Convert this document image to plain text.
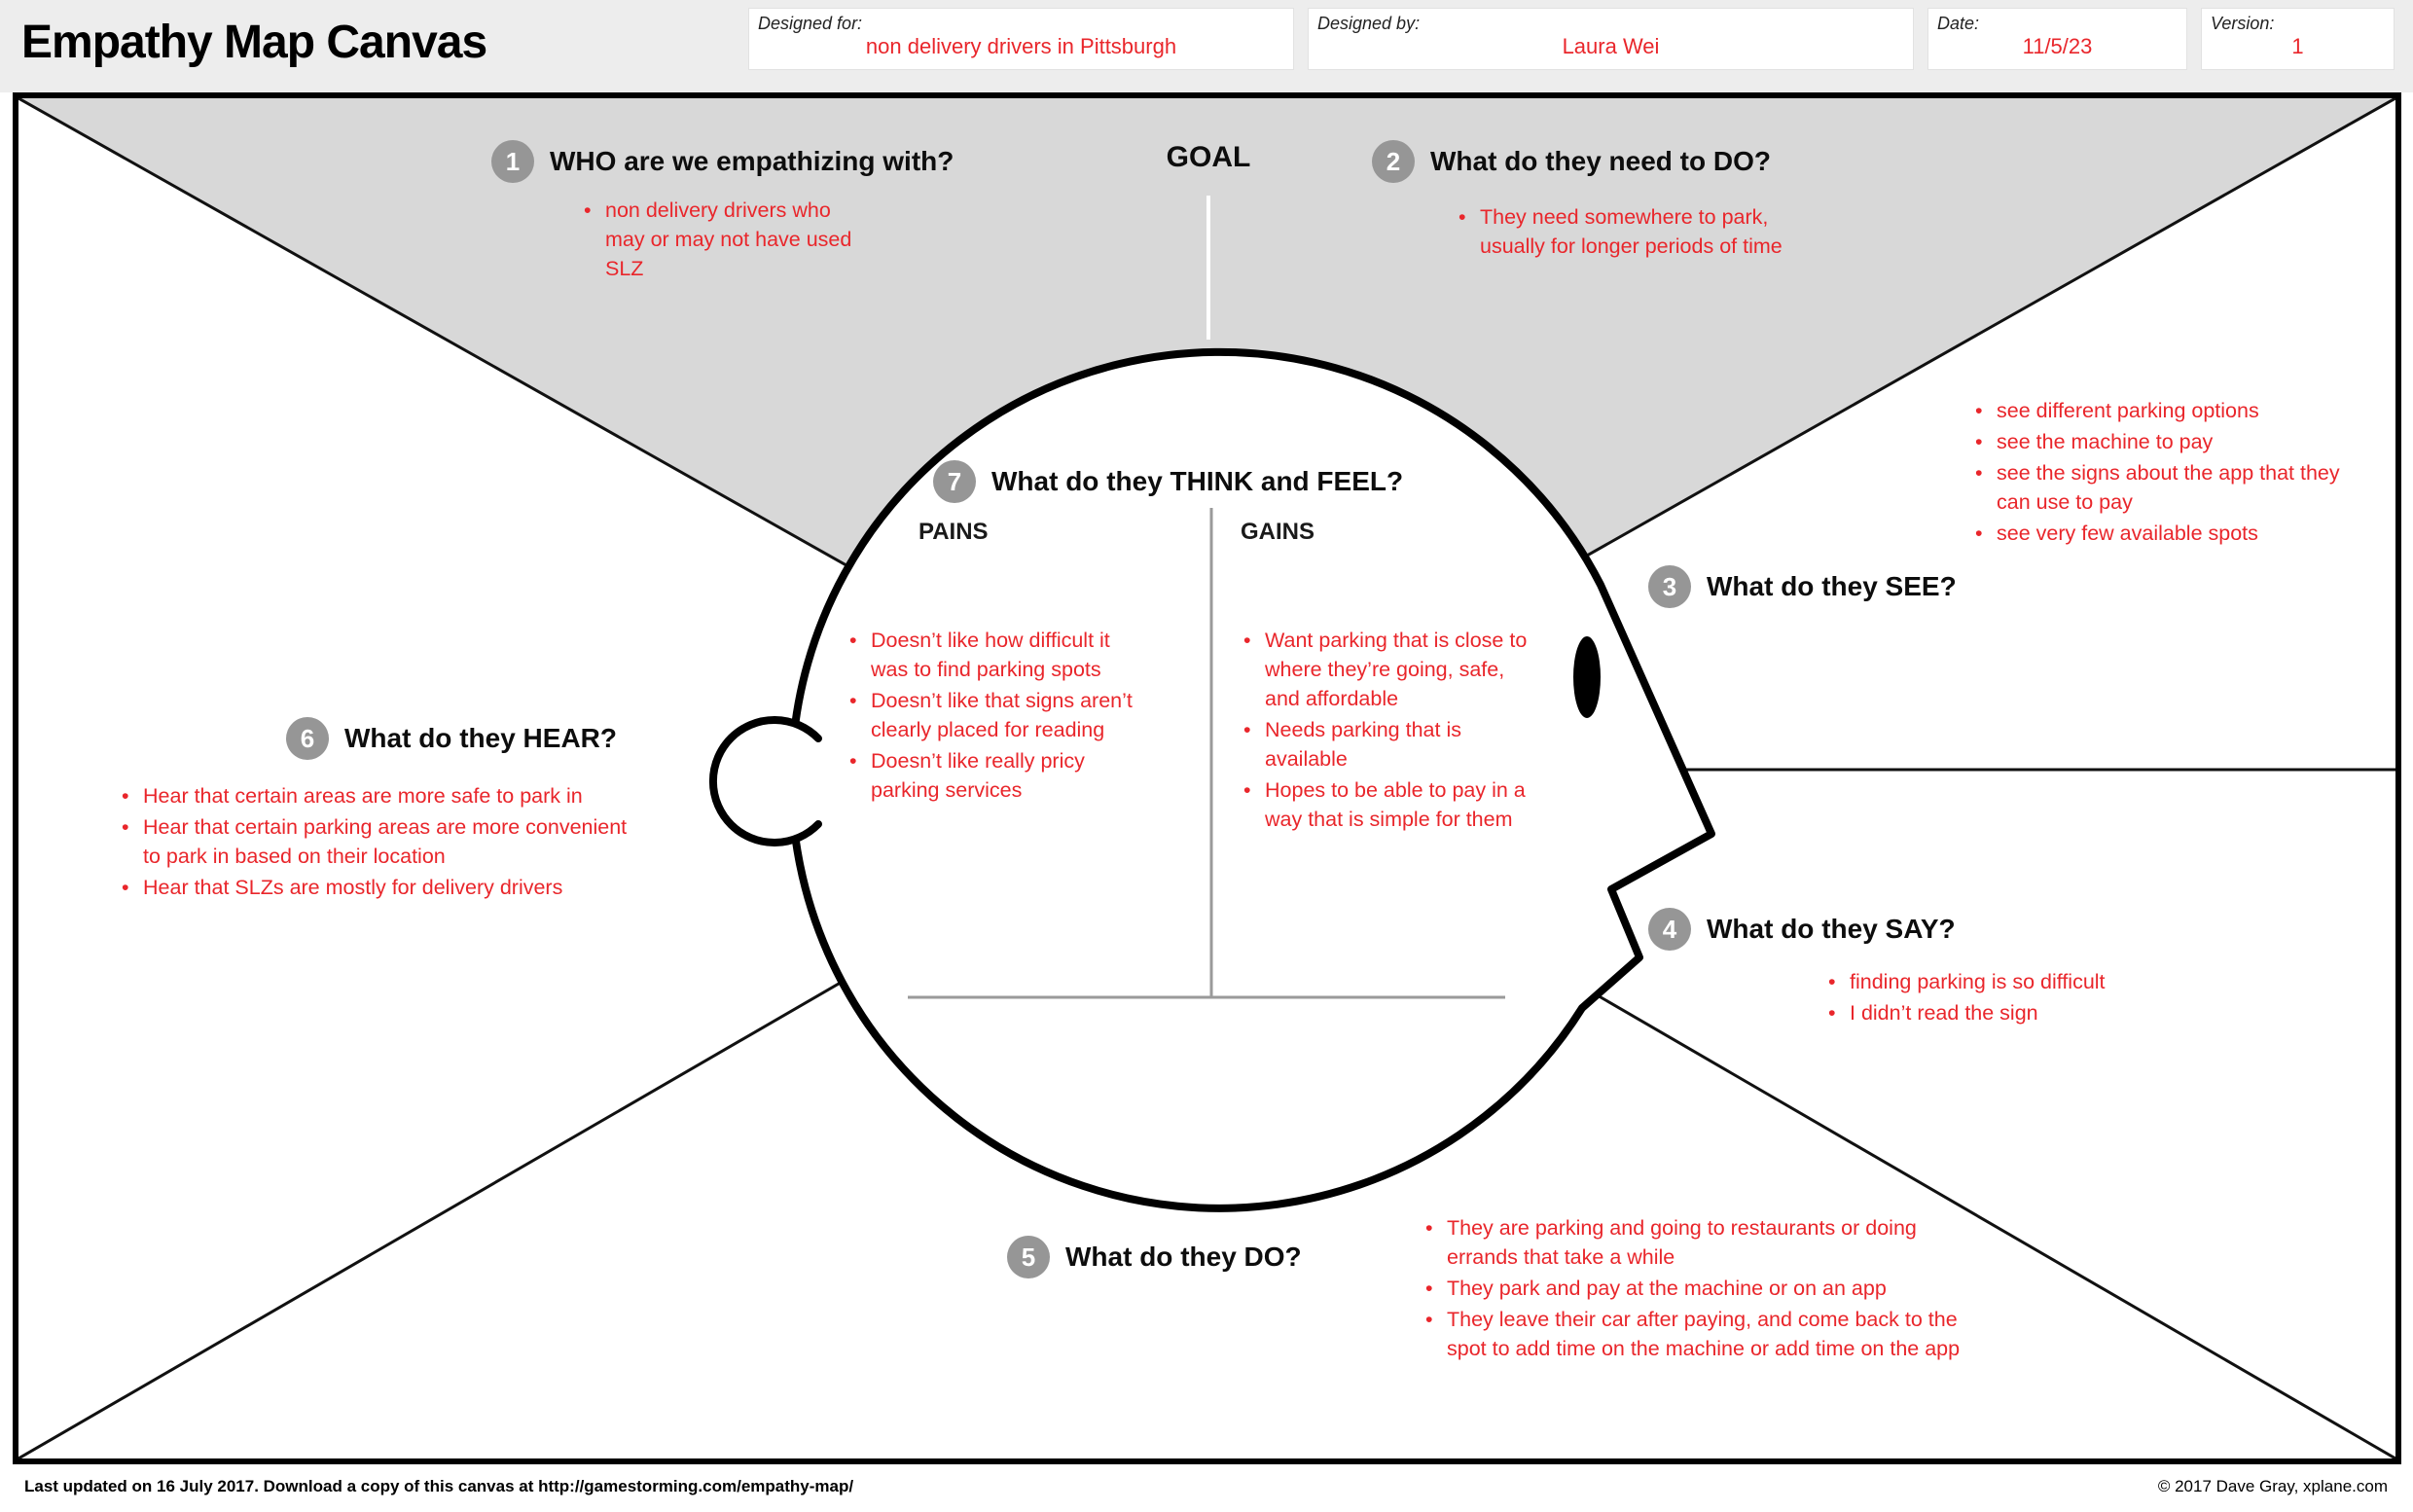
Empathy Map Canvas	Designed for:
non delivery drivers in Pittsburgh
Designed by:
Laura Wei
Date:
11/5/23
Version:
1
GOAL
1	WHO are we empathizing with?
• non delivery drivers who may or may not have used SLZ
2	What do they need to DO?
• They need somewhere to park, usually for longer periods of time
3	What do they SEE?
• see different parking options
• see the machine to pay
• see the signs about the app that they can use to pay
• see very few available spots
4	What do they SAY?
• finding parking is so difficult
• I didn’t read the sign
5	What do they DO?
• They are parking and going to restaurants or doing errands that take a while
• They park and pay at the machine or on an app
• They leave their car after paying, and come back to the spot to add time on the machine or add time on the app
6	What do they HEAR?
• Hear that certain areas are more safe to park in
• Hear that certain parking areas are more convenient to park in based on their location
• Hear that SLZs are mostly for delivery drivers
7	What do they THINK and FEEL?
PAINS	GAINS
• Doesn’t like how difficult it was to find parking spots
• Doesn’t like that signs aren’t clearly placed for reading
• Doesn’t like really pricy parking services
• Want parking that is close to where they’re going, safe, and affordable
• Needs parking that is available
• Hopes to be able to pay in a way that is simple for them
Last updated on 16 July 2017. Download a copy of this canvas at http://gamestorming.com/empathy-map/	© 2017 Dave Gray, xplane.com
